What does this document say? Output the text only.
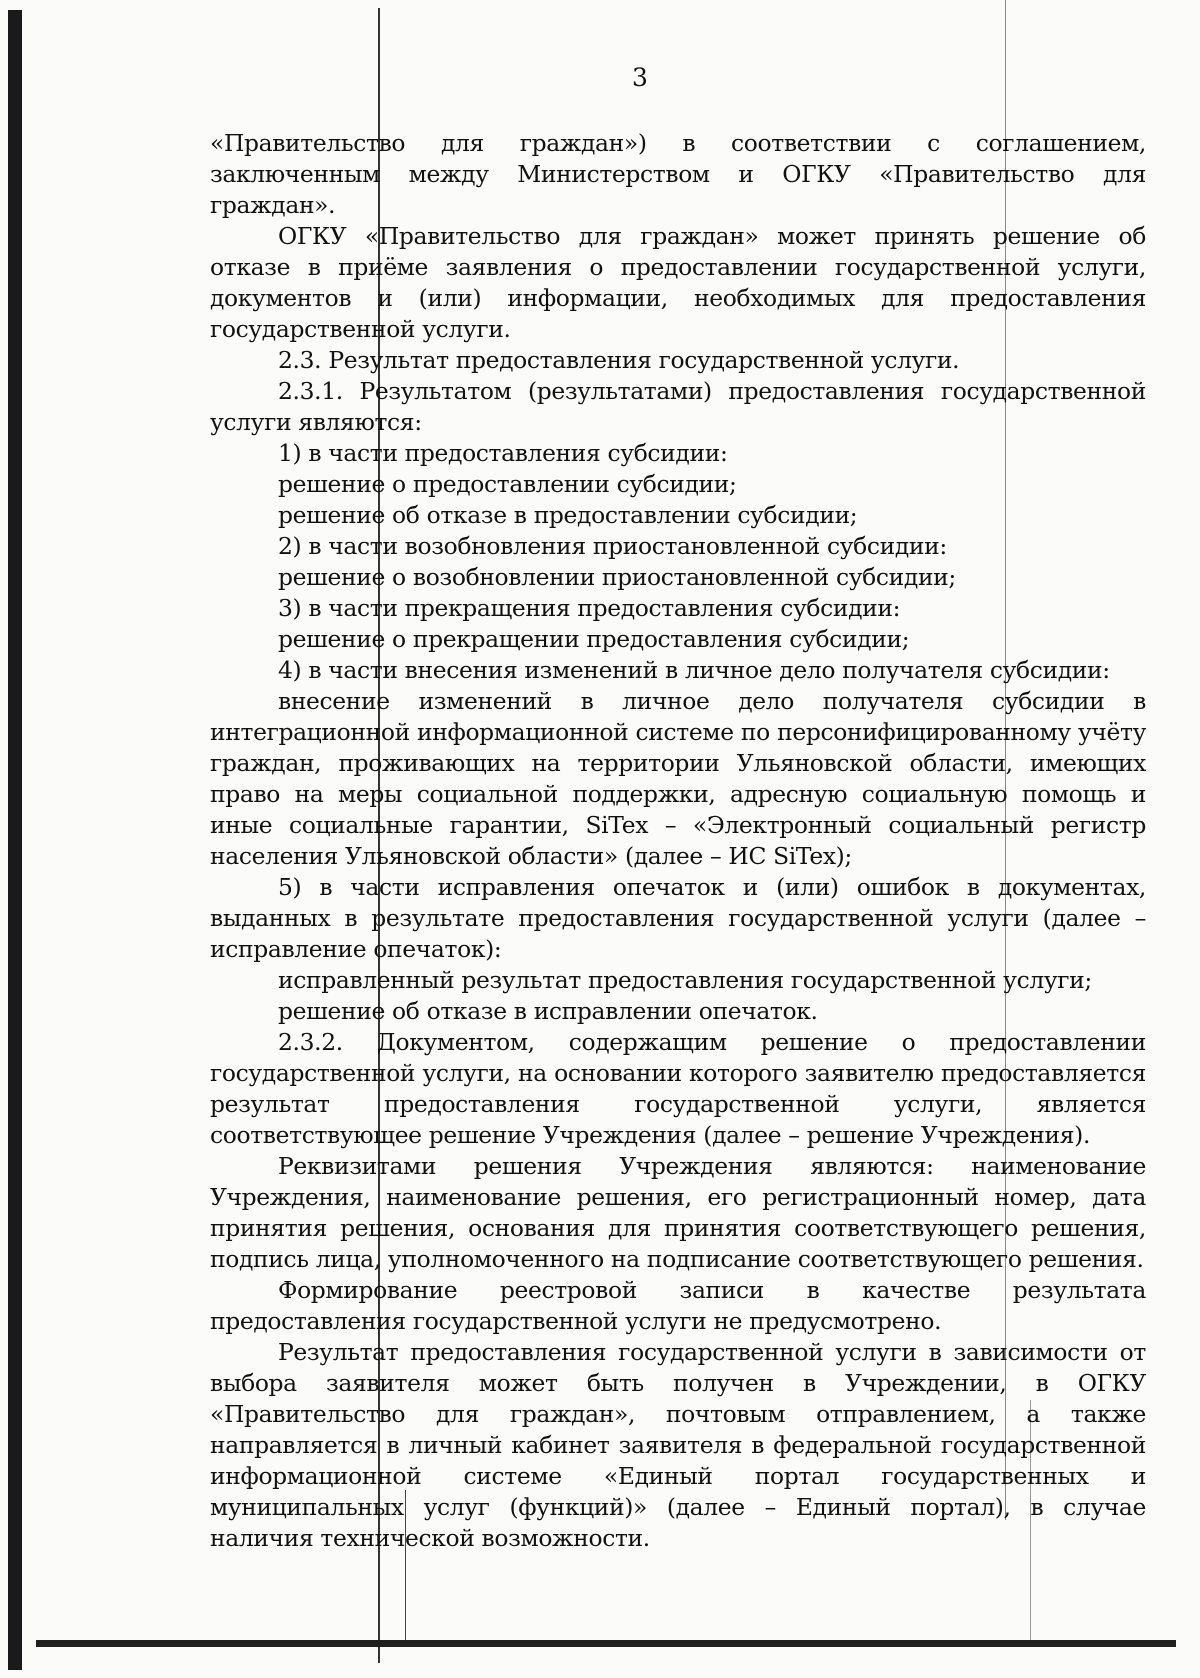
3

«Правительство для граждан») в соответствии с соглашением, заключенным между Министерством и ОГКУ «Правительство для граждан».

ОГКУ «Правительство для граждан» может принять решение об отказе в приёме заявления о предоставлении государственной услуги, документов и (или) информации, необходимых для предоставления государственной услуги.

2.3. Результат предоставления государственной услуги.

2.3.1. Результатом (результатами) предоставления государственной услуги являются:

1) в части предоставления субсидии:

решение о предоставлении субсидии;

решение об отказе в предоставлении субсидии;

2) в части возобновления приостановленной субсидии:

решение о возобновлении приостановленной субсидии;

3) в части прекращения предоставления субсидии:

решение о прекращении предоставления субсидии;

4) в части внесения изменений в личное дело получателя субсидии:

внесение изменений в личное дело получателя субсидии в интеграционной информационной системе по персонифицированному учёту граждан, проживающих на территории Ульяновской области, имеющих право на меры социальной поддержки, адресную социальную помощь и иные социальные гарантии, SiTex – «Электронный социальный регистр населения Ульяновской области» (далее – ИС SiTex);

5) в части исправления опечаток и (или) ошибок в документах, выданных в результате предоставления государственной услуги (далее – исправление опечаток):

исправленный результат предоставления государственной услуги;

решение об отказе в исправлении опечаток.

2.3.2. Документом, содержащим решение о предоставлении государственной услуги, на основании которого заявителю предоставляется результат предоставления государственной услуги, является соответствующее решение Учреждения (далее – решение Учреждения).

Реквизитами решения Учреждения являются: наименование Учреждения, наименование решения, его регистрационный номер, дата принятия решения, основания для принятия соответствующего решения, подпись лица, уполномоченного на подписание соответствующего решения.

Формирование реестровой записи в качестве результата предоставления государственной услуги не предусмотрено.

Результат предоставления государственной услуги в зависимости от выбора заявителя может быть получен в Учреждении, в ОГКУ «Правительство для граждан», почтовым отправлением, а также направляется в личный кабинет заявителя в федеральной государственной информационной системе «Единый портал государственных и муниципальных услуг (функций)» (далее – Единый портал), в случае наличия технической возможности.
